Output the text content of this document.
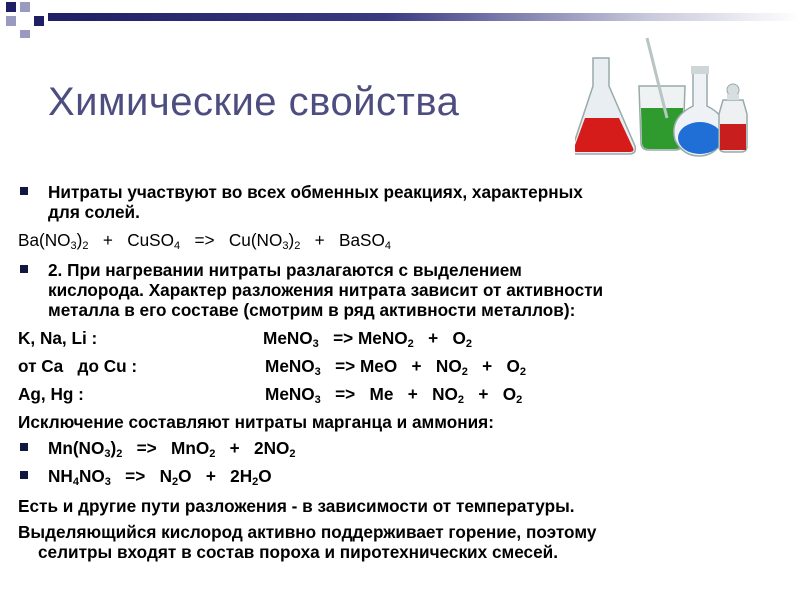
Химические свойства
Нитраты участвуют во всех обменных реакциях, характерных
для солей.
$Ba(NO_3)_2$   +   CuSO$_4$   =>   $Cu(NO_3)_2$   +   BaSO$_4$
2. При нагревании нитраты разлагаются с выделением
кислорода. Характер разложения нитрата зависит от активности
металла в его составе (смотрим в ряд активности металлов):
K, Na, Li :	MeNO$_3$   => MeNO$_2$   +   $O_2$
от Ca   до Cu :	MeNO$_3$   => MeO   +   $NO_2 + O_2$
Ag, Hg :	MeNO$_3$   =>   $Me + NO_2 + O_2$
Исключение составляют нитраты марганца и аммония:
$Mn(NO_3)_2 => MnO_2 + 2NO_2$
$NH_4NO_3 => N_2O + 2H_2O$
Есть и другие пути разложения - в зависимости от температуры.
Выделяющийся кислород активно поддерживает горение, поэтому
селитры входят в состав пороха и пиротехнических смесей.
